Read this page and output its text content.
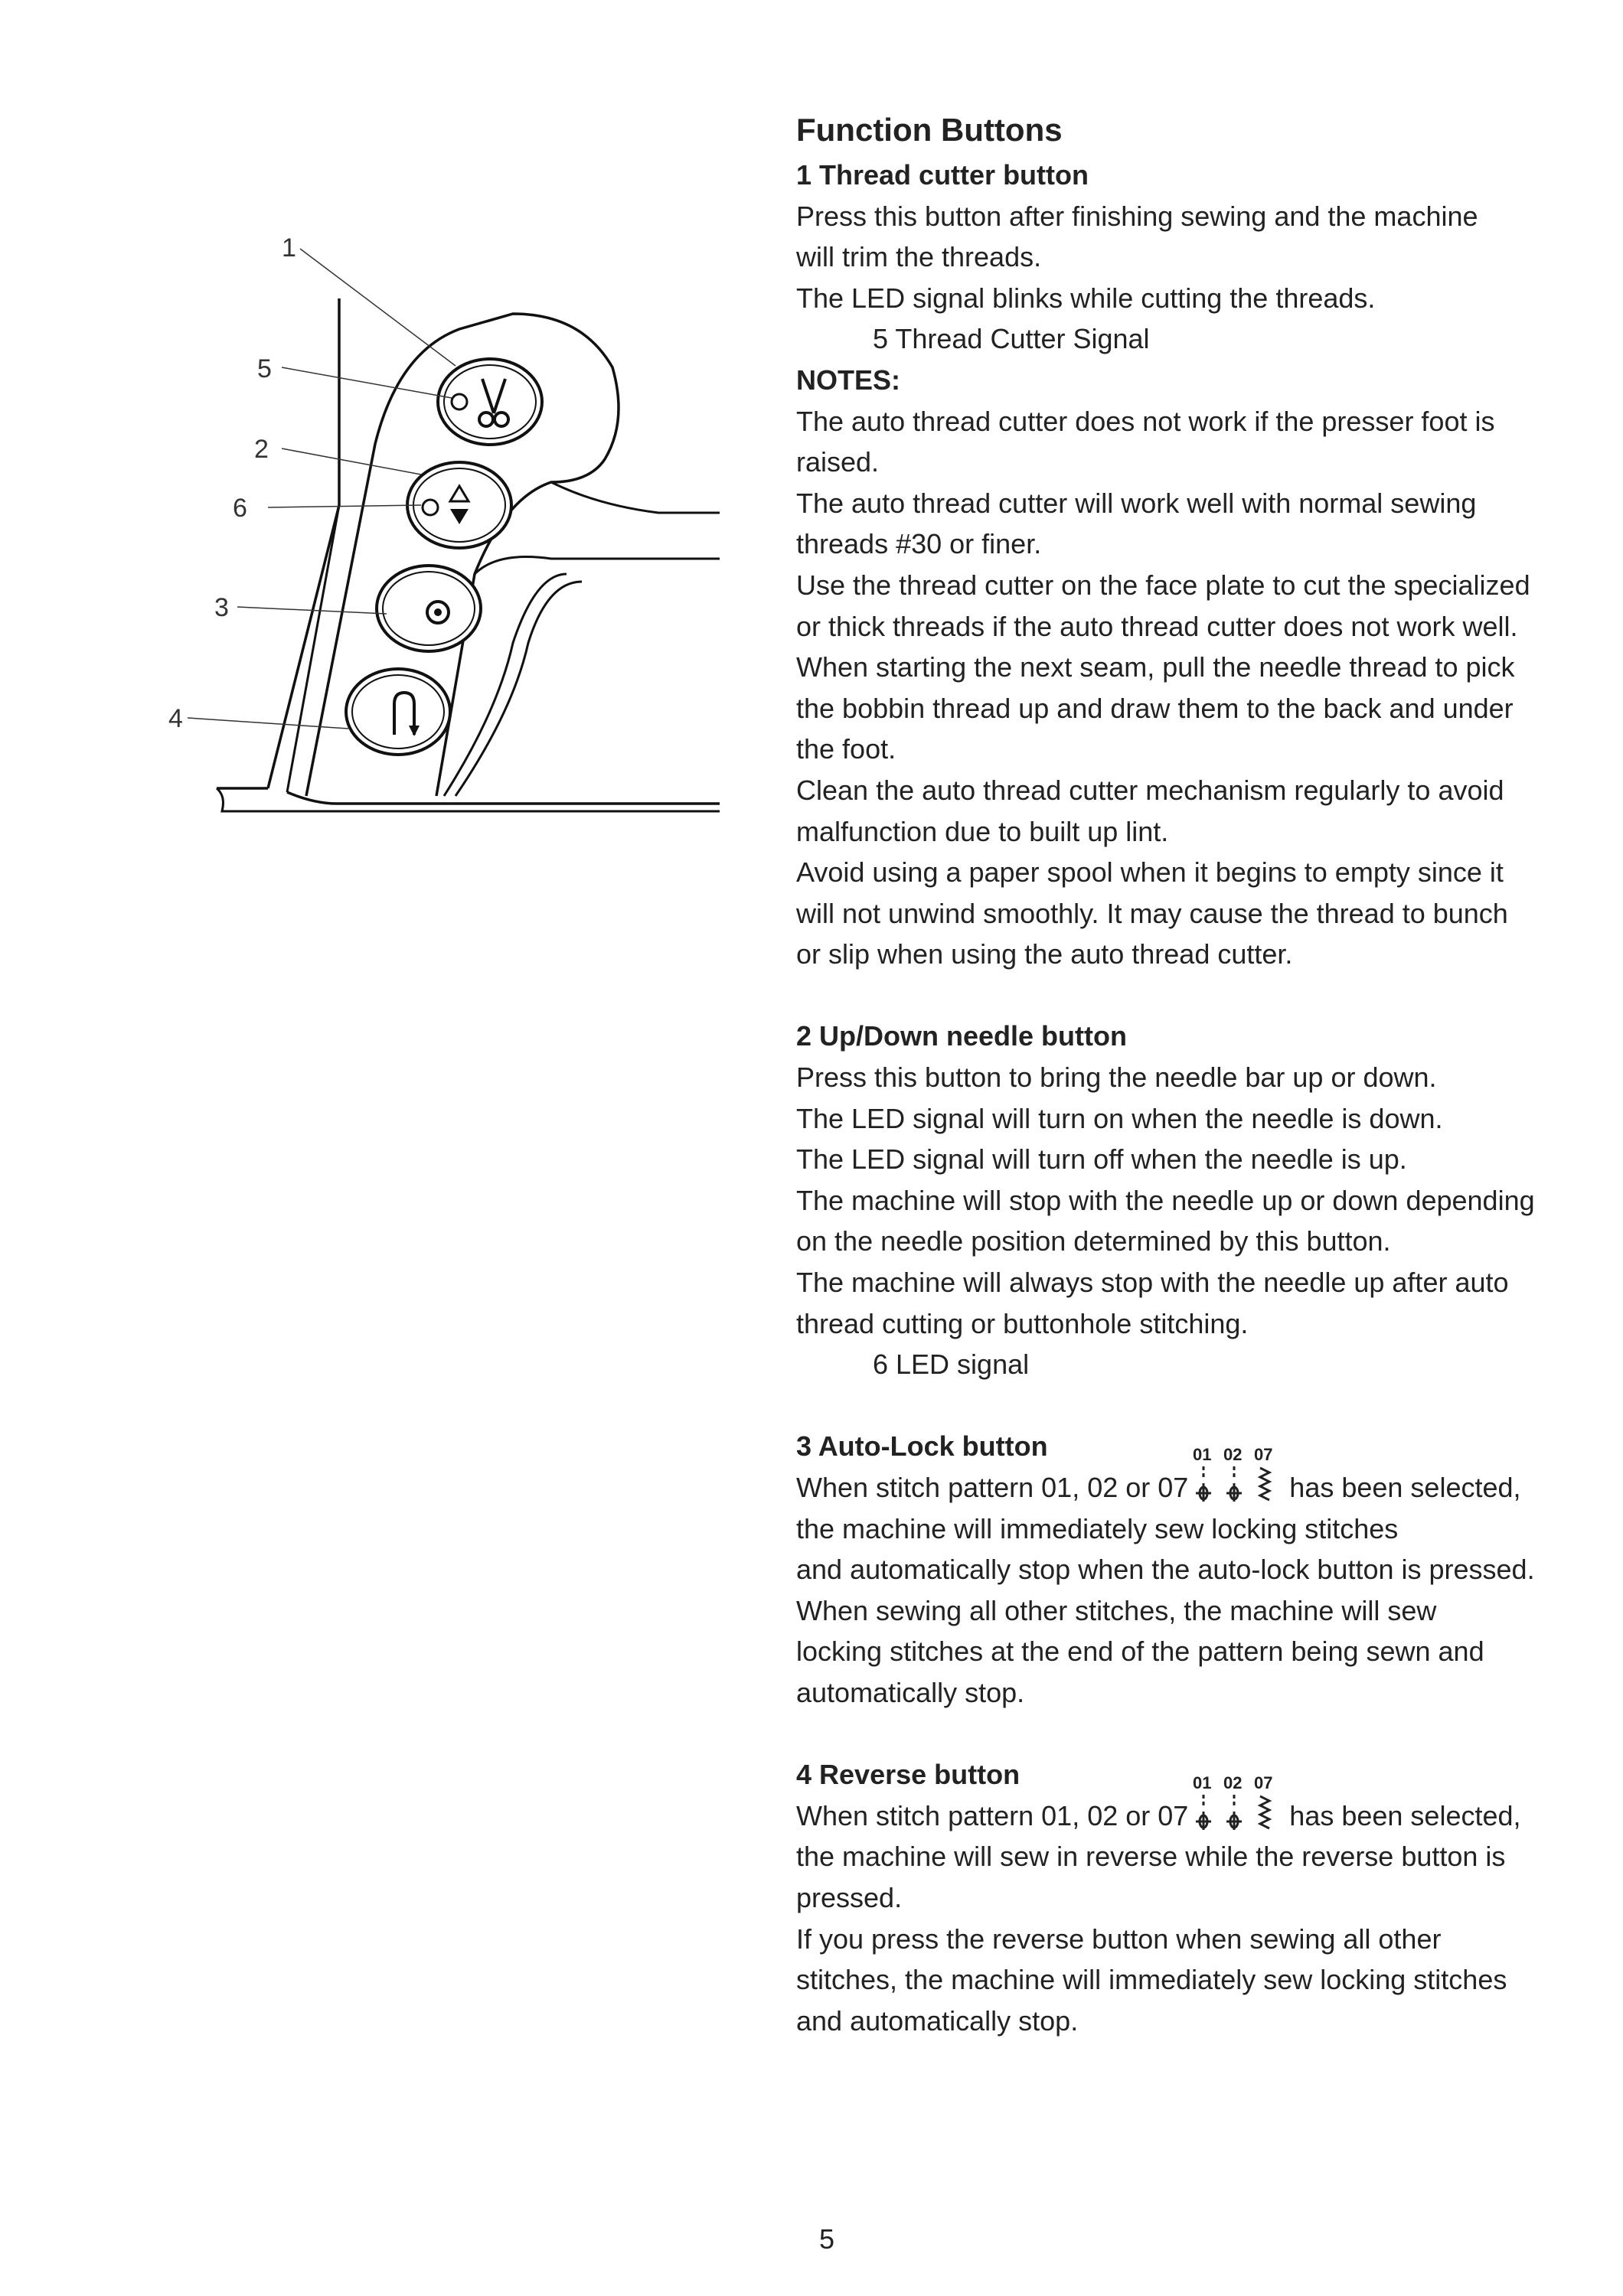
1
5
2
6
3
4

Function Buttons

1 Thread cutter button

Press this button after finishing sewing and the machine

will trim the threads.

The LED signal blinks while cutting the threads.

5 Thread Cutter Signal

NOTES:

The auto thread cutter does not work if the presser foot is

raised.

The auto thread cutter will work well with normal sewing

threads #30 or finer.

Use the thread cutter on the face plate to cut the specialized

or thick threads if the auto thread cutter does not work well.

When starting the next seam, pull the needle thread to pick

the bobbin thread up and draw them to the back and under

the foot.

Clean the auto thread cutter mechanism regularly to avoid

malfunction due to built up lint.

Avoid using a paper spool when it begins to empty since it

will not unwind smoothly. It may cause the thread to bunch

or slip when using the auto thread cutter.

2 Up/Down needle button

Press this button to bring the needle bar up or down.

The LED signal will turn on when the needle is down.

The LED signal will turn off when the needle is up.

The machine will stop with the needle up or down depending

on the needle position determined by this button.

The machine will always stop with the needle up after auto

thread cutting or buttonhole stitching.

6 LED signal

3 Auto-Lock button

When stitch pattern 01, 02 or 07
01 02 07
has been selected,

the machine will immediately sew locking stitches

and automatically stop when the auto-lock button is pressed.

When sewing all other stitches, the machine will sew

locking stitches at the end of the pattern being sewn and

automatically stop.

4 Reverse button

When stitch pattern 01, 02 or 07
01 02 07
has been selected,

the machine will sew in reverse while the reverse button is

pressed.

If you press the reverse button when sewing all other

stitches, the machine will immediately sew locking stitches

and automatically stop.

5
